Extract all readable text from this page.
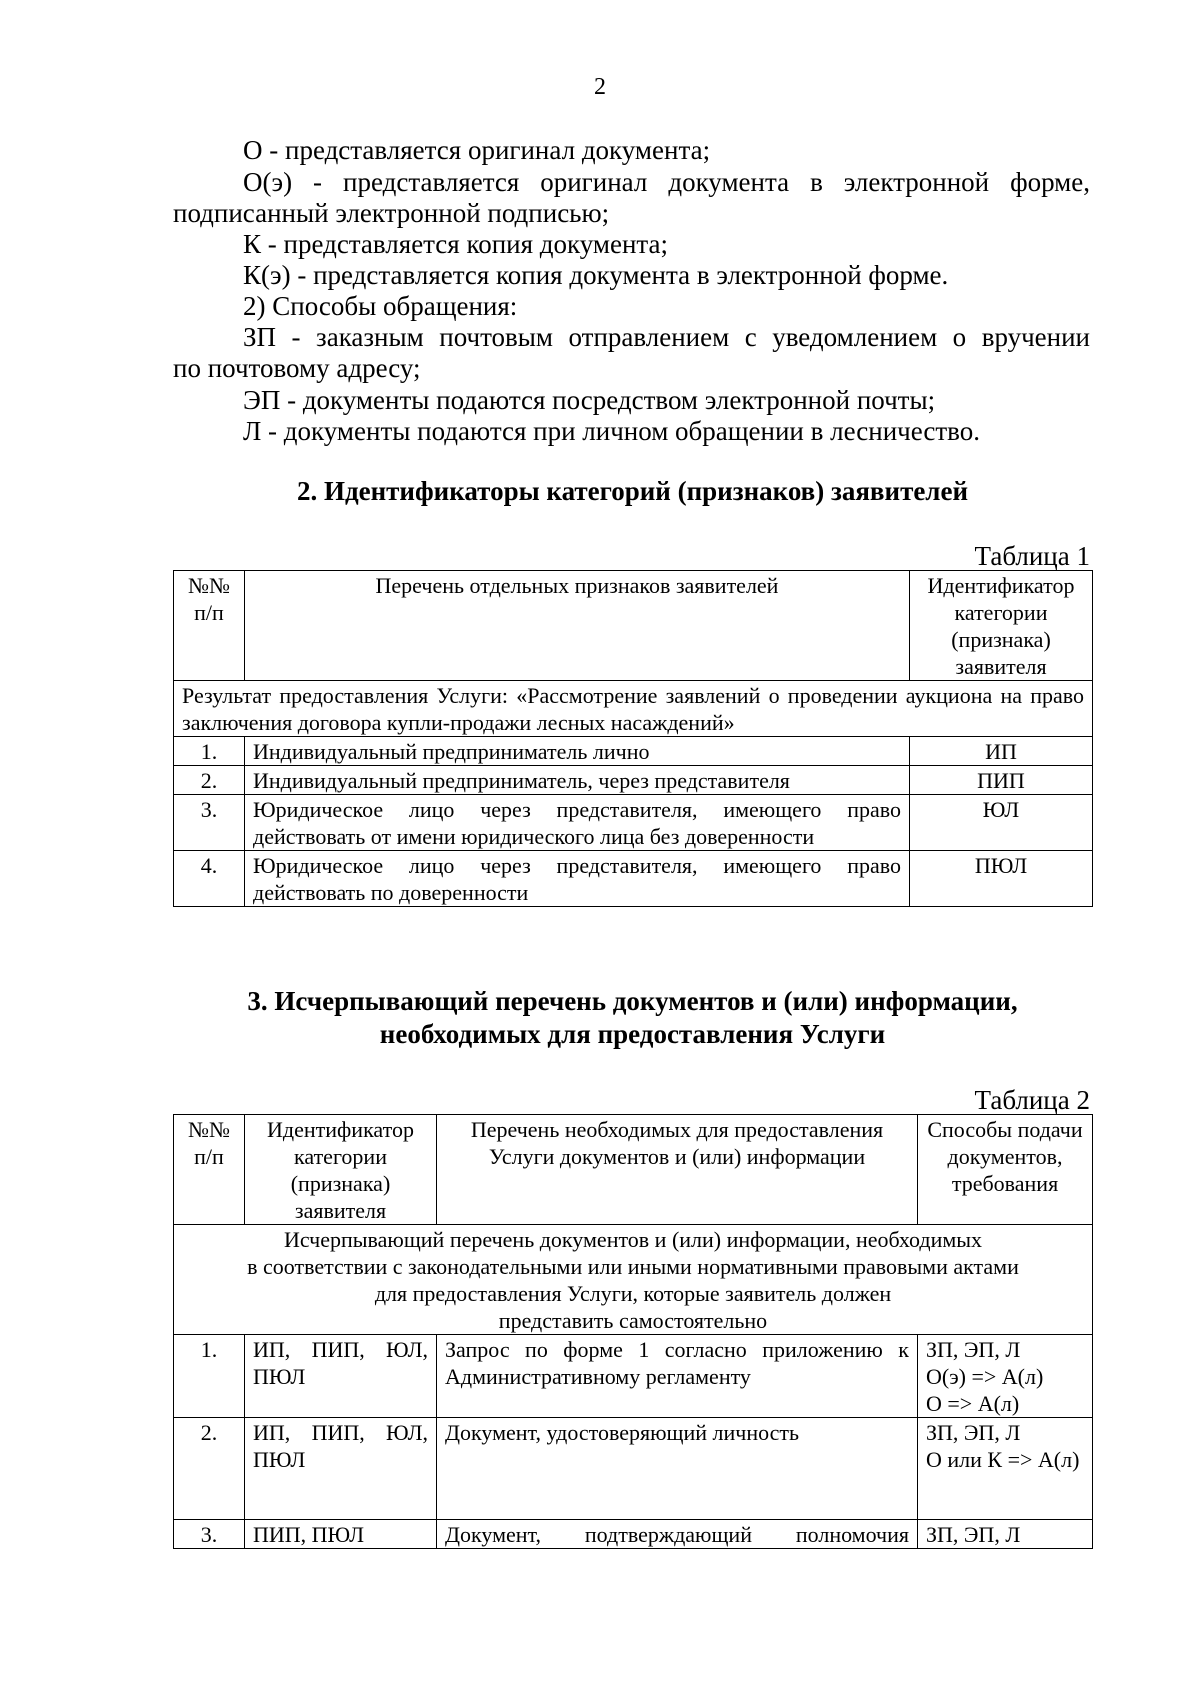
2
О - представляется оригинал документа;
О(э) - представляется оригинал документа в электронной форме,
подписанный электронной подписью;
К - представляется копия документа;
К(э) - представляется копия документа в электронной форме.
2) Способы обращения:
ЗП - заказным почтовым отправлением с уведомлением о вручении
по почтовому адресу;
ЭП - документы подаются посредством электронной почты;
Л - документы подаются при личном обращении в лесничество.
2. Идентификаторы категорий (признаков) заявителей
Таблица 1
№№ п/п	Перечень отдельных признаков заявителей	Идентификатор категории (признака) заявителя
Результат предоставления Услуги: «Рассмотрение заявлений о проведении аукциона на право заключения договора купли-продажи лесных насаждений»		
1.	Индивидуальный предприниматель лично	ИП
2.	Индивидуальный предприниматель, через представителя	ПИП
3.	Юридическое лицо через представителя, имеющего право действовать от имени юридического лица без доверенности	ЮЛ
4.	Юридическое лицо через представителя, имеющего право действовать по доверенности	ПЮЛ
3. Исчерпывающий перечень документов и (или) информации,
необходимых для предоставления Услуги
Таблица 2
№№ п/п	Идентификатор категории (признака) заявителя	Перечень необходимых для предоставления Услуги документов и (или) информации	Способы подачи документов, требования

Исчерпывающий перечень документов и (или) информации, необходимых
в соответствии с законодательными или иными нормативными правовыми актами
для предоставления Услуги, которые заявитель должен
представить самостоятельно			

1.	ИП, ПИП, ЮЛ, ПЮЛ	Запрос по форме 1 согласно приложению к Административному регламенту	ЗП, ЭП, Л
О(э) => А(л)
О => А(л)

2.	ИП, ПИП, ЮЛ, ПЮЛ	Документ, удостоверяющий личность	ЗП, ЭП, Л
О или К => А(л)

3.	ПИП, ПЮЛ	Документ, подтверждающий полномочия	ЗП, ЭП, Л
